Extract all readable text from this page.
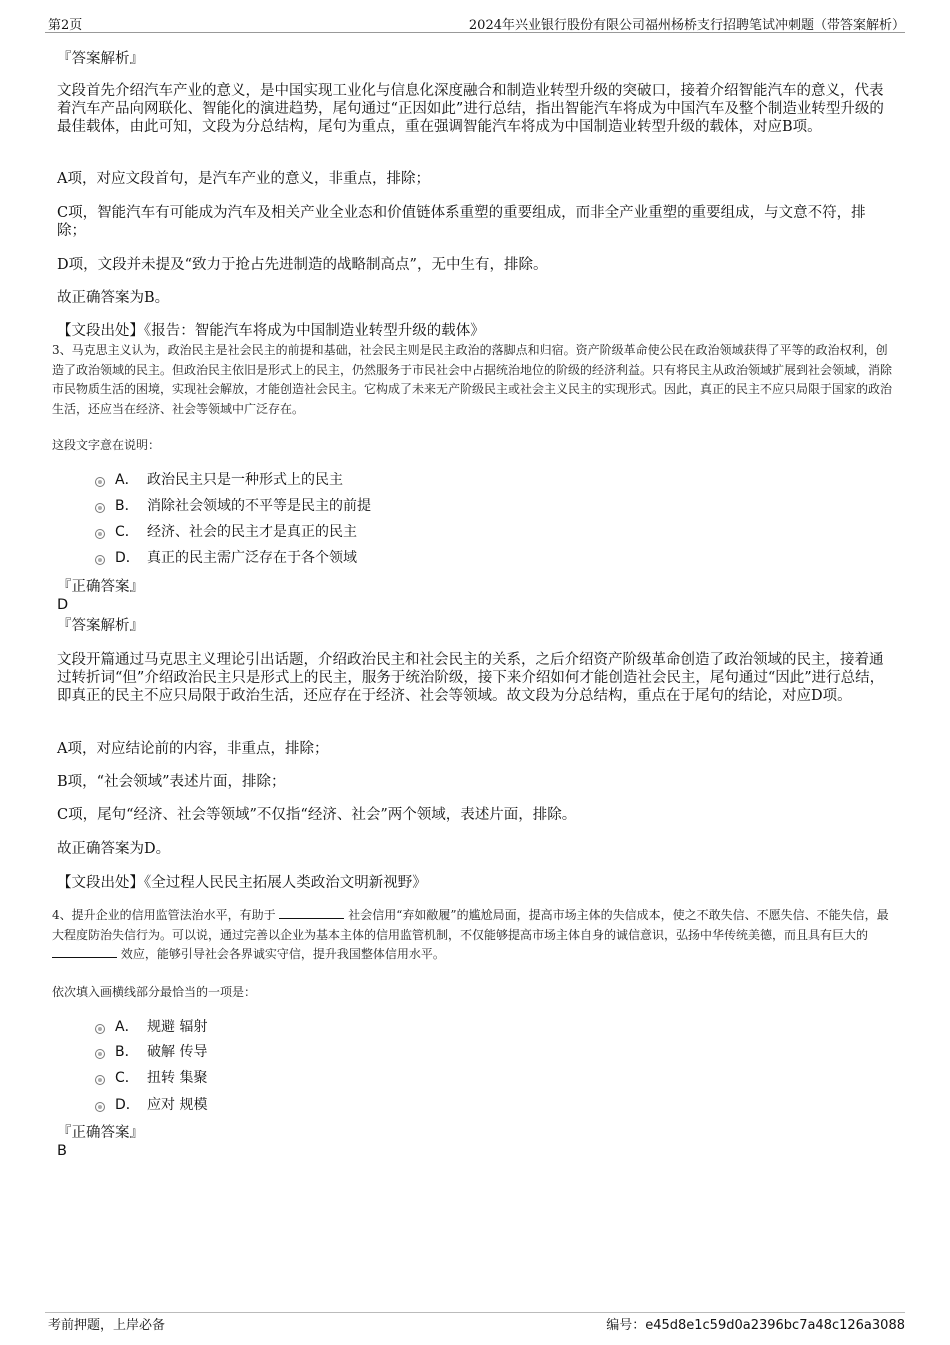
第2页	2024年兴业银行股份有限公司福州杨桥支行招聘笔试冲刺题（带答案解析）
『答案解析』
文段首先介绍汽车产业的意义，是中国实现工业化与信息化深度融合和制造业转型升级的突破口，接着介绍智能汽车的意义，代表着汽车产品向网联化、智能化的演进趋势，尾句通过“正因如此”进行总结，指出智能汽车将成为中国汽车及整个制造业转型升级的最佳载体，由此可知，文段为分总结构，尾句为重点，重在强调智能汽车将成为中国制造业转型升级的载体，对应B项。
A项，对应文段首句，是汽车产业的意义，非重点，排除；
C项，智能汽车有可能成为汽车及相关产业全业态和价值链体系重塑的重要组成，而非全产业重塑的重要组成，与文意不符，排除；
D项，文段并未提及“致力于抢占先进制造的战略制高点”，无中生有，排除。
故正确答案为B。
【文段出处】《报告：智能汽车将成为中国制造业转型升级的载体》
3、马克思主义认为，政治民主是社会民主的前提和基础，社会民主则是民主政治的落脚点和归宿。资产阶级革命使公民在政治领域获得了平等的政治权利，创造了政治领域的民主。但政治民主依旧是形式上的民主，仍然服务于市民社会中占据统治地位的阶级的经济利益。只有将民主从政治领域扩展到社会领域，消除市民物质生活的困境，实现社会解放，才能创造社会民主。它构成了未来无产阶级民主或社会主义民主的实现形式。因此，真正的民主不应只局限于国家的政治生活，还应当在经济、社会等领域中广泛存在。
这段文字意在说明：
A． 政治民主只是一种形式上的民主
B． 消除社会领域的不平等是民主的前提
C． 经济、社会的民主才是真正的民主
D． 真正的民主需广泛存在于各个领域
『正确答案』
D
『答案解析』
文段开篇通过马克思主义理论引出话题，介绍政治民主和社会民主的关系，之后介绍资产阶级革命创造了政治领域的民主，接着通过转折词“但”介绍政治民主只是形式上的民主，服务于统治阶级，接下来介绍如何才能创造社会民主，尾句通过“因此”进行总结，即真正的民主不应只局限于政治生活，还应存在于经济、社会等领域。故文段为分总结构，重点在于尾句的结论，对应D项。
A项，对应结论前的内容，非重点，排除；
B项，“社会领域”表述片面，排除；
C项，尾句“经济、社会等领域”不仅指“经济、社会”两个领域，表述片面，排除。
故正确答案为D。
【文段出处】《全过程人民民主拓展人类政治文明新视野》
4、提升企业的信用监管法治水平，有助于	社会信用“弃如敝履”的尴尬局面，提高市场主体的失信成本，使之不敢失信、不愿失信、不能失信，最大程度防治失信行为。可以说，通过完善以企业为基本主体的信用监管机制，不仅能够提高市场主体自身的诚信意识，弘扬中华传统美德，而且具有巨大的  效应，能够引导社会各界诚实守信，提升我国整体信用水平。
依次填入画横线部分最恰当的一项是：
A． 规避 辐射
B． 破解 传导
C． 扭转 集聚
D． 应对 规模
『正确答案』
B
考前押题，上岸必备	编号：e45d8e1c59d0a2396bc7a48c126a3088
